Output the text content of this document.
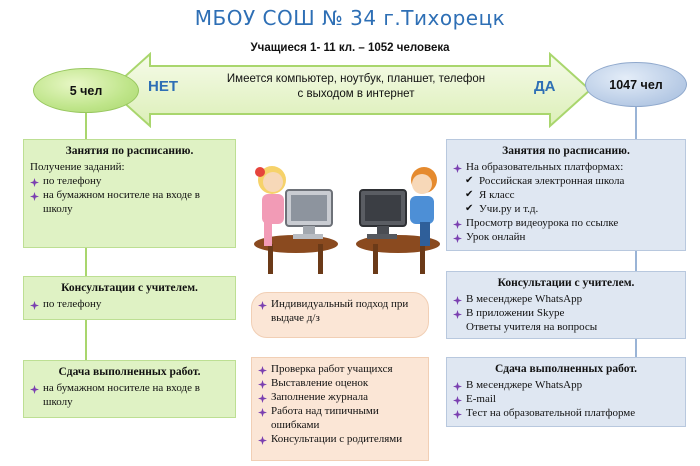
МБОУ СОШ № 34 г.Тихорецк
Учащиеся 1- 11 кл. – 1052 человека
НЕТ	ДА
Имеется компьютер, ноутбук, планшет, телефон
с выходом в интернет
5 чел	1047 чел
Занятия по расписанию.
Получение заданий:
по телефону
на бумажном носителе на входе в школу
Консультации с учителем.
по телефону
Сдача выполненных работ.
на бумажном носителе на входе в школу
Индивидуальный подход при выдаче д/з
Проверка работ учащихся
Выставление оценок
Заполнение журнала
Работа над типичными ошибками
Консультации с родителями
Занятия по расписанию.
На образовательных платформах:
✔ Российская электронная школа
✔ Я класс
✔ Учи.ру и т.д.
Просмотр видеоурока по ссылке
Урок онлайн
Консультации с учителем.
В месенджере WhatsApp
В приложении Skype
Ответы учителя на вопросы
Сдача выполненных работ.
В месенджере WhatsApp
E-mail
Тест на образовательной платформе
